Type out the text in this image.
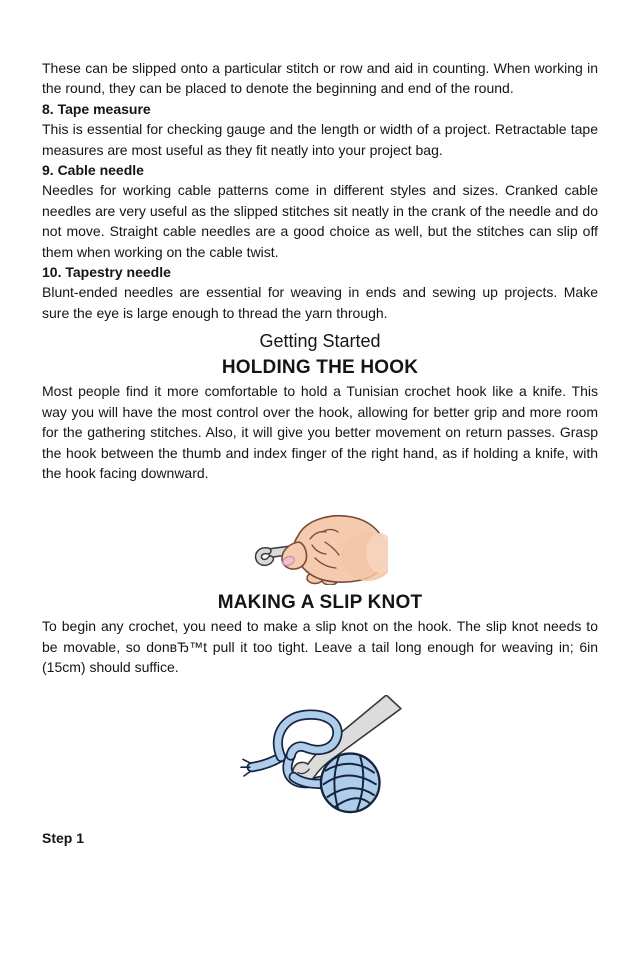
These can be slipped onto a particular stitch or row and aid in counting. When working in the round, they can be placed to denote the beginning and end of the round.

8. Tape measure

This is essential for checking gauge and the length or width of a project. Retractable tape measures are most useful as they fit neatly into your project bag.

9. Cable needle

Needles for working cable patterns come in different styles and sizes. Cranked cable needles are very useful as the slipped stitches sit neatly in the crank of the needle and do not move. Straight cable needles are a good choice as well, but the stitches can slip off them when working on the cable twist.

10. Tapestry needle

Blunt-ended needles are essential for weaving in ends and sewing up projects. Make sure the eye is large enough to thread the yarn through.

Getting Started

HOLDING THE HOOK

Most people find it more comfortable to hold a Tunisian crochet hook like a knife. This way you will have the most control over the hook, allowing for better grip and more room for the gathering stitches. Also, it will give you better movement on return passes. Grasp the hook between the thumb and index finger of the right hand, as if holding a knife, with the hook facing downward.

MAKING A SLIP KNOT

To begin any crochet, you need to make a slip knot on the hook. The slip knot needs to be movable, so donвЂ™t pull it too tight. Leave a tail long enough for weaving in; 6in (15cm) should suffice.

Step 1
